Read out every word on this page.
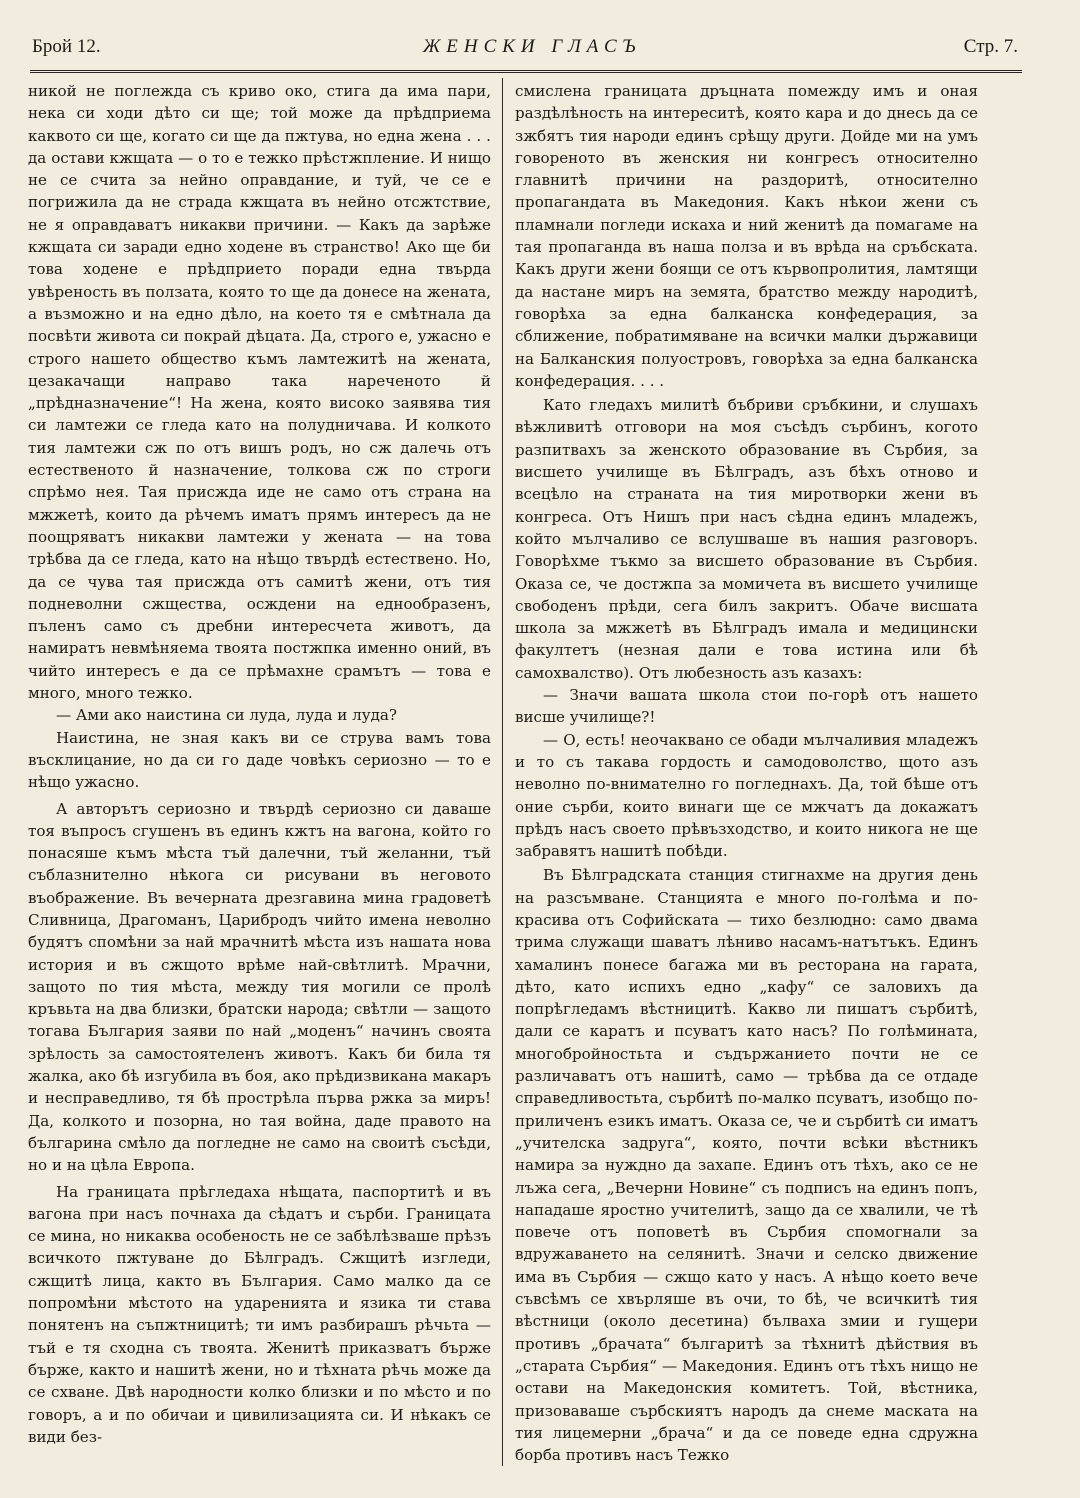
Брой 12.	ЖЕНСКИ ГЛАСЪ	Стр. 7.

никой не поглежда съ криво око, стига да има пари, нека си ходи дѣто си ще; той може да прѣдприема каквото си ще, когато си ще да пжтува, но една жена . . . да остави кжщата — о то е тежко прѣстжпление. И нищо не се счита за нейно оправдание, и туй, че се е погрижила да не страда кжщата въ нейно отсжтствие, не я оправдаватъ никакви причини. — Какъ да зарѣже кжщата си заради едно ходене въ странство! Ако ще би това ходене е прѣдприето поради една твърда увѣреность въ ползата, която то ще да донесе на жената, а възможно и на едно дѣло, на което тя е смѣтнала да посвѣти живота си покрай дѣцата. Да, строго е, ужасно е строго нашето общество къмъ ламтежитѣ на жената, цезакачащи направо така нареченото й „прѣдназначение“! На жена, която високо заявява тия си ламтежи се гледа като на полудничава. И колкото тия ламтежи сж по отъ вишъ родъ, но сж далечь отъ естественото й назначение, толкова сж по строги спрѣмо нея. Тая присжда иде не само отъ страна на мжжетѣ, които да рѣчемъ иматъ прямъ интересъ да не поощряватъ никакви ламтежи у жената — на това трѣбва да се гледа, като на нѣщо твърдѣ естествено. Но, да се чува тая присжда отъ самитѣ жени, отъ тия подневолни сжщества, осждени на еднообразенъ, пъленъ само съ дребни интересчета животъ, да намиратъ невмѣняема твоята постжпка именно оний, въ чийто интересъ е да се прѣмахне срамътъ — това е много, много тежко.

— Ами ако наистина си луда, луда и луда?

Наистина, не зная какъ ви се струва вамъ това въсклицание, но да си го даде човѣкъ сериозно — то е нѣщо ужасно.

А авторътъ сериозно и твърдѣ сериозно си даваше тоя въпросъ сгушенъ въ единъ кжтъ на вагона, който го понасяше къмъ мѣста тъй далечни, тъй желанни, тъй съблазнително нѣкога си рисувани въ неговото въображение. Въ вечерната дрезгавина мина градоветѣ Сливница, Драгоманъ, Царибродъ чийто имена неволно будятъ спомѣни за най мрачнитѣ мѣста изъ нашата нова история и въ сжщото врѣме най-свѣтлитѣ. Мрачни, защото по тия мѣста, между тия могили се пролѣ кръвьта на два близки, братски народа; свѣтли — защото тогава България заяви по най „моденъ“ начинъ своята зрѣлость за самостоятеленъ животъ. Какъ би била тя жалка, ако бѣ изгубила въ боя, ако прѣдизвикана макаръ и несправедливо, тя бѣ прострѣла първа ржка за миръ! Да, колкото и позорна, но тая война, даде правото на българина смѣло да погледне не само на своитѣ съсѣди, но и на цѣла Европа.

На границата прѣгледаха нѣщата, паспортитѣ и въ вагона при насъ почнаха да сѣдатъ и сърби. Границата се мина, но никаква особеность не се забѣлѣзваше прѣзъ всичкото пжтуване до Бѣлградъ. Сжщитѣ изгледи, сжщитѣ лица, както въ България. Само малко да се попромѣни мѣстото на ударенията и язика ти става понятенъ на съпжтницитѣ; ти имъ разбирашъ рѣчьта — тъй е тя сходна съ твоята. Женитѣ приказватъ бърже бърже, както и нашитѣ жени, но и тѣхната рѣчь може да се схване. Двѣ народности колко близки и по мѣсто и по говоръ, а и по обичаи и цивилизацията си. И нѣкакъ се види без-

смислена границата дръцната помежду имъ и оная раздѣлѣность на интереситѣ, която кара и до днесь да се зжбятъ тия народи единъ срѣщу други. Дойде ми на умъ говореното въ женския ни конгресъ относително главнитѣ причини на раздоритѣ, относително пропагандата въ Македония. Какъ нѣкои жени съ пламнали погледи искаха и ний женитѣ да помагаме на тая пропаганда въ наша полза и въ врѣда на сръбската. Какъ други жени боящи се отъ кървопролития, ламтящи да настане миръ на земята, братство между народитѣ, говорѣха за една балканска конфедерация, за сближение, побратимяване на всички малки държавици на Балканския полуостровъ, говорѣха за една балканска конфедерация. . . .

Като гледахъ милитѣ бъбриви сръбкини, и слушахъ вѣжливитѣ отговори на моя съсѣдъ сърбинъ, когото разпитвахъ за женското образование въ Сърбия, за висшето училище въ Бѣлградъ, азъ бѣхъ отново и всецѣло на страната на тия миротворки жени въ конгреса. Отъ Нишъ при насъ сѣдна единъ младежъ, който мълчаливо се вслушваше въ нашия разговоръ. Говорѣхме тъкмо за висшето образование въ Сърбия. Оказа се, че достжпа за момичета въ висшето училище свободенъ прѣди, сега билъ закритъ. Обаче висшата школа за мжжетѣ въ Бѣлградъ имала и медицински факултетъ (незная дали е това истина или бѣ самохвалство). Отъ любезность азъ казахъ:

— Значи вашата школа стои по-горѣ отъ нашето висше училище?!

— О, есть! неочаквано се обади мълчаливия младежъ и то съ такава гордость и самодоволство, щото азъ неволно по-внимателно го погледнахъ. Да, той бѣше отъ оние сърби, които винаги ще се мжчатъ да докажатъ прѣдъ насъ своето прѣвъзходство, и които никога не ще забравятъ нашитѣ побѣди.

Въ Бѣлградската станция стигнахме на другия день на разсъмване. Станцията е много по-голѣма и по-красива отъ Софийската — тихо безлюдно: само двама трима служащи шаватъ лѣниво насамъ-натътъкъ. Единъ хамалинъ понесе багажа ми въ ресторана на гарата, дѣто, като испихъ едно „кафу“ се заловихъ да попрѣгледамъ вѣстницитѣ. Какво ли пишатъ сърбитѣ, дали се каратъ и псуватъ като насъ? По голѣмината, многобройностьта и съдържанието почти не се различаватъ отъ нашитѣ, само — трѣбва да се отдаде справедливостьта, сърбитѣ по-малко псуватъ, изобщо по-приличенъ езикъ иматъ. Оказа се, че и сърбитѣ си иматъ „учителска задруга“, която, почти всѣки вѣстникъ намира за нуждно да захапе. Единъ отъ тѣхъ, ако се не лъжа сега, „Вечерни Новине“ съ подписъ на единъ попъ, нападаше яростно учителитѣ, защо да се хвалили, че тѣ повече отъ поповетѣ въ Сърбия спомогнали за вдружаването на селянитѣ. Значи и селско движение има въ Сърбия — сжщо като у насъ. А нѣщо което вече съвсѣмъ се хвърляше въ очи, то бѣ, че всичкитѣ тия вѣстници (около десетина) бълваха змии и гущери противъ „брачата“ българитѣ за тѣхнитѣ дѣйствия въ „старата Сърбия“ — Македония. Единъ отъ тѣхъ нищо не остави на Македонския комитетъ. Той, вѣстника, призоваваше сърбскиятъ народъ да снеме маската на тия лицемерни „брача“ и да се поведе една сдружна борба противъ насъ Тежко
